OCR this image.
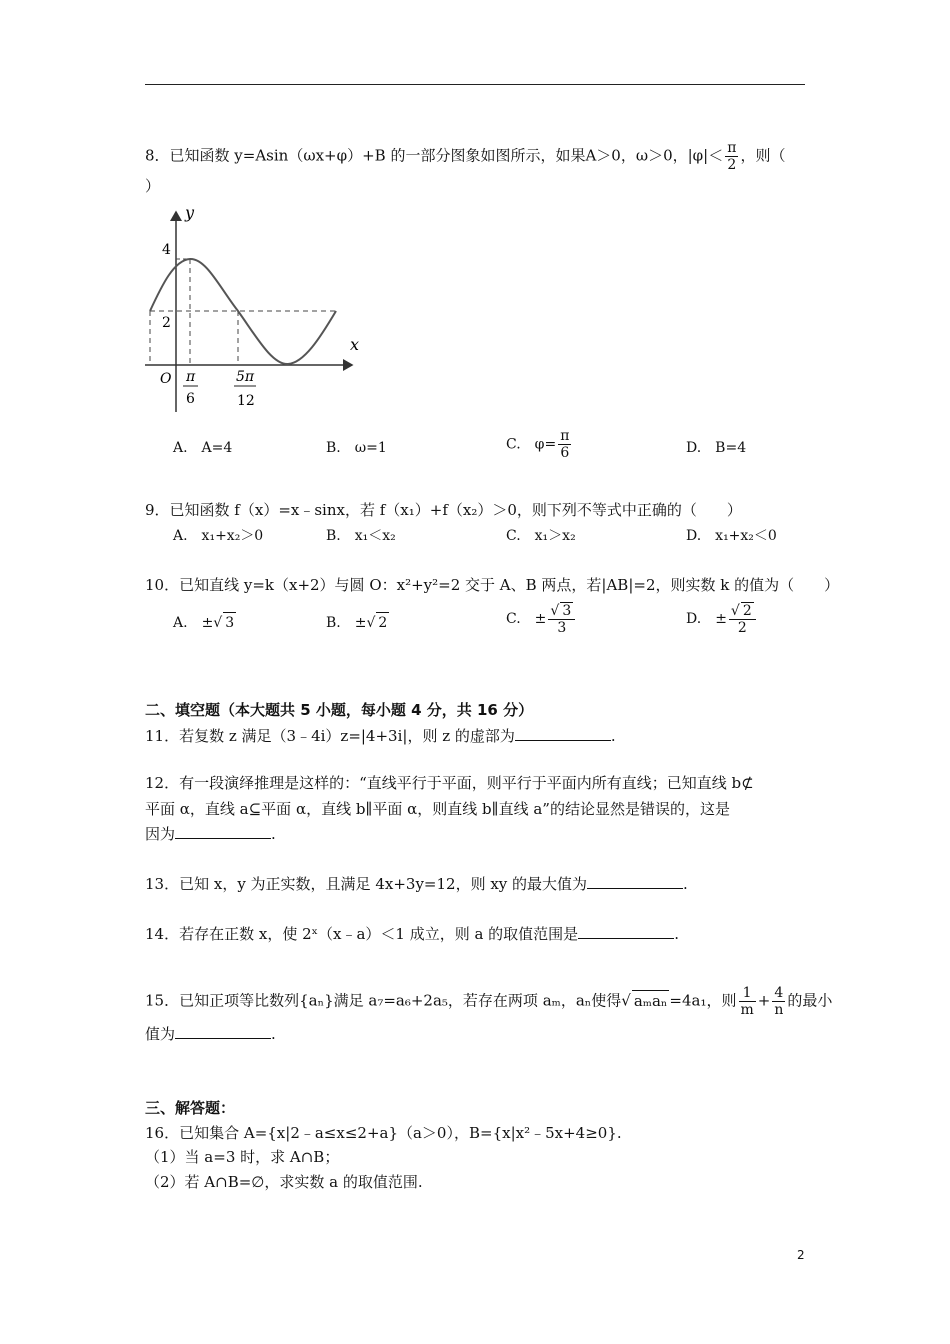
8．已知函数 y=Asin（ωx+φ）+B 的一部分图象如图所示，如果A＞0，ω＞0，$|\varphi|< \frac{\pi}{2}$ ，则（
）
y
x
4
2
O π
6
5π
12
A.　A=4	B.　ω=1	C.　$\varphi= \frac{\pi}{6}$	D.　B=4
9．已知函数 f（x）=x﹣sinx，若 f（x₁）+f（x₂）＞0，则下列不等式中正确的（　　）
A.　x₁+x₂＞0	B.　x₁＜x₂	C.　x₁＞x₂	D.　x₁+x₂＜0
10．已知直线 y=k（x+2）与圆 O：x²+y²=2 交于 A、B 两点，若|AB|=2，则实数 k 的值为（　　）
A.　 ±√ 3	B.　 ±√ 2	C.　 ± $\frac{√ 3}{3}$	D.　 ± $\frac{√ 2}{2}$
二、填空题（本大题共 5 小题，每小题 4 分，共 16 分）
11．若复数 z 满足（3﹣4i）z=|4+3i|，则 z 的虚部为	.
12．有一段演绎推理是这样的：“直线平行于平面，则平行于平面内所有直线；已知直线 b⊄
平面 α，直线 a⊆平面 α，直线 b∥平面 α，则直线 b∥直线 a”的结论显然是错误的，这是
因为	.
13．已知 x，y 为正实数，且满足 4x+3y=12，则 xy 的最大值为	.
14．若存在正数 x，使 2ˣ（x﹣a）＜1 成立，则 a 的取值范围是	.
15．已知正项等比数列{aₙ}满足 a₇=a₆+2a₅，若存在两项 aₘ，aₙ使得√ aₘaₙ =4a₁，则 $\frac{1}{m} + \frac{4}{n}$ 的最小
值为	.
三、解答题：
16．已知集合 A={x|2﹣a≤x≤2+a}（a＞0），B={x|x²﹣5x+4≥0}.
（1）当 a=3 时，求 A∩B；
（2）若 A∩B=∅，求实数 a 的取值范围.
2
